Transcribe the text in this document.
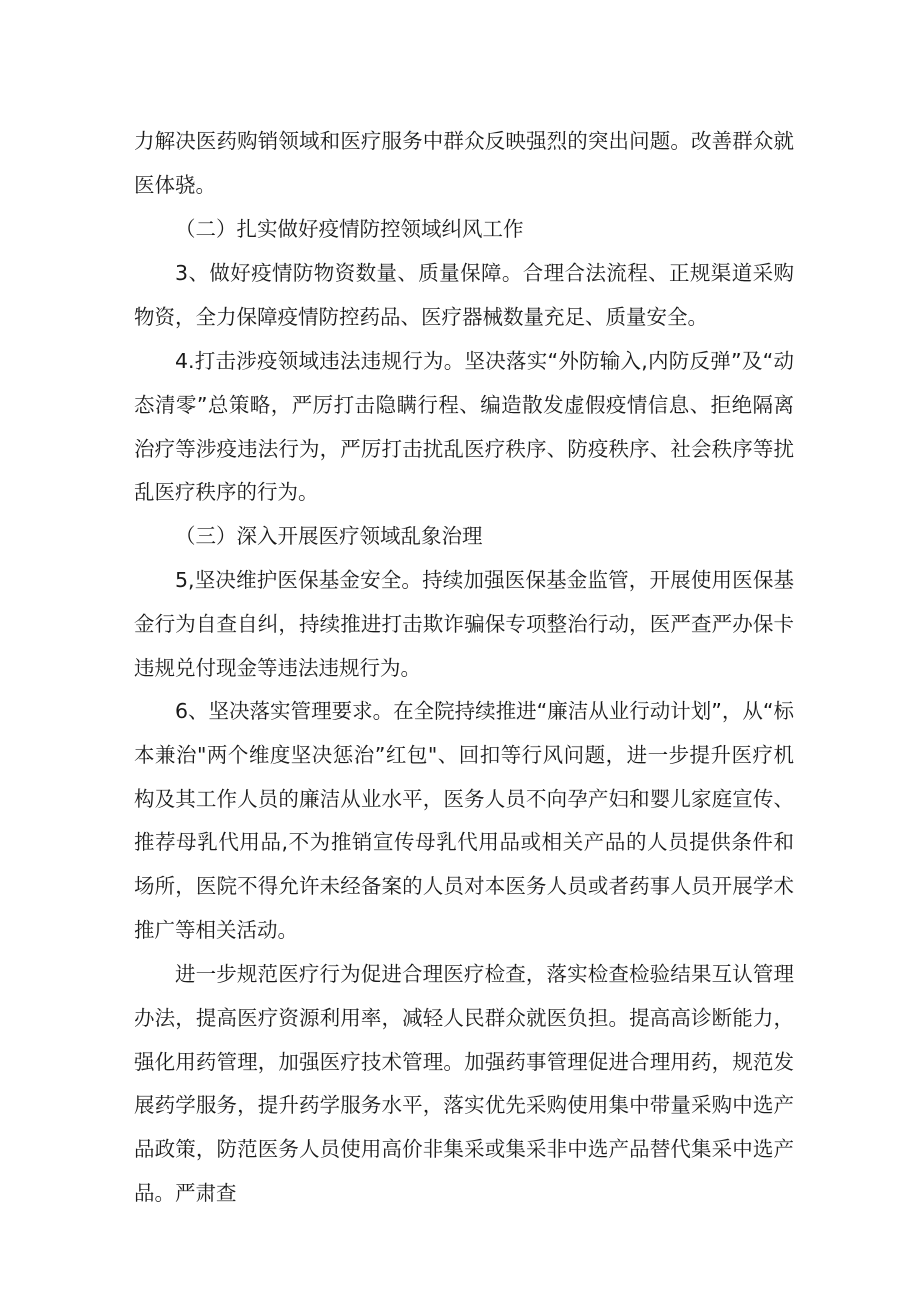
力解决医药购销领域和医疗服务中群众反映强烈的突出问题。改善群众就医体骁。

（二）扎实做好疫情防控领域纠风工作

3、做好疫情防物资数量、质量保障。合理合法流程、正规渠道采购物资，全力保障疫情防控药品、医疗器械数量充足、质量安全。

4.打击涉疫领域违法违规行为。坚决落实“外防输入,内防反弹”及“动态清零”总策略，严厉打击隐瞒行程、编造散发虚假疫情信息、拒绝隔离治疗等涉疫违法行为，严厉打击扰乱医疗秩序、防疫秩序、社会秩序等扰乱医疗秩序的行为。

（三）深入开展医疗领域乱象治理

5,坚决维护医保基金安全。持续加强医保基金监管，开展使用医保基金行为自查自纠，持续推进打击欺诈骗保专项整治行动，医严查严办保卡违规兑付现金等违法违规行为。

6、坚决落实管理要求。在全院持续推进“廉洁从业行动计划”，从“标本兼治"两个维度坚决惩治”红包"、回扣等行风问题，进一步提升医疗机构及其工作人员的廉洁从业水平，医务人员不向孕产妇和婴儿家庭宣传、推荐母乳代用品,不为推销宣传母乳代用品或相关产品的人员提供条件和场所，医院不得允许未经备案的人员对本医务人员或者药事人员开展学术推广等相关活动。

进一步规范医疗行为促进合理医疗检查，落实检查检验结果互认管理办法，提高医疗资源利用率，减轻人民群众就医负担。提高高诊断能力，强化用药管理，加强医疗技术管理。加强药事管理促进合理用药，规范发展药学服务，提升药学服务水平，落实优先采购使用集中带量采购中选产品政策，防范医务人员使用高价非集采或集采非中选产品替代集采中选产品。严肃查
